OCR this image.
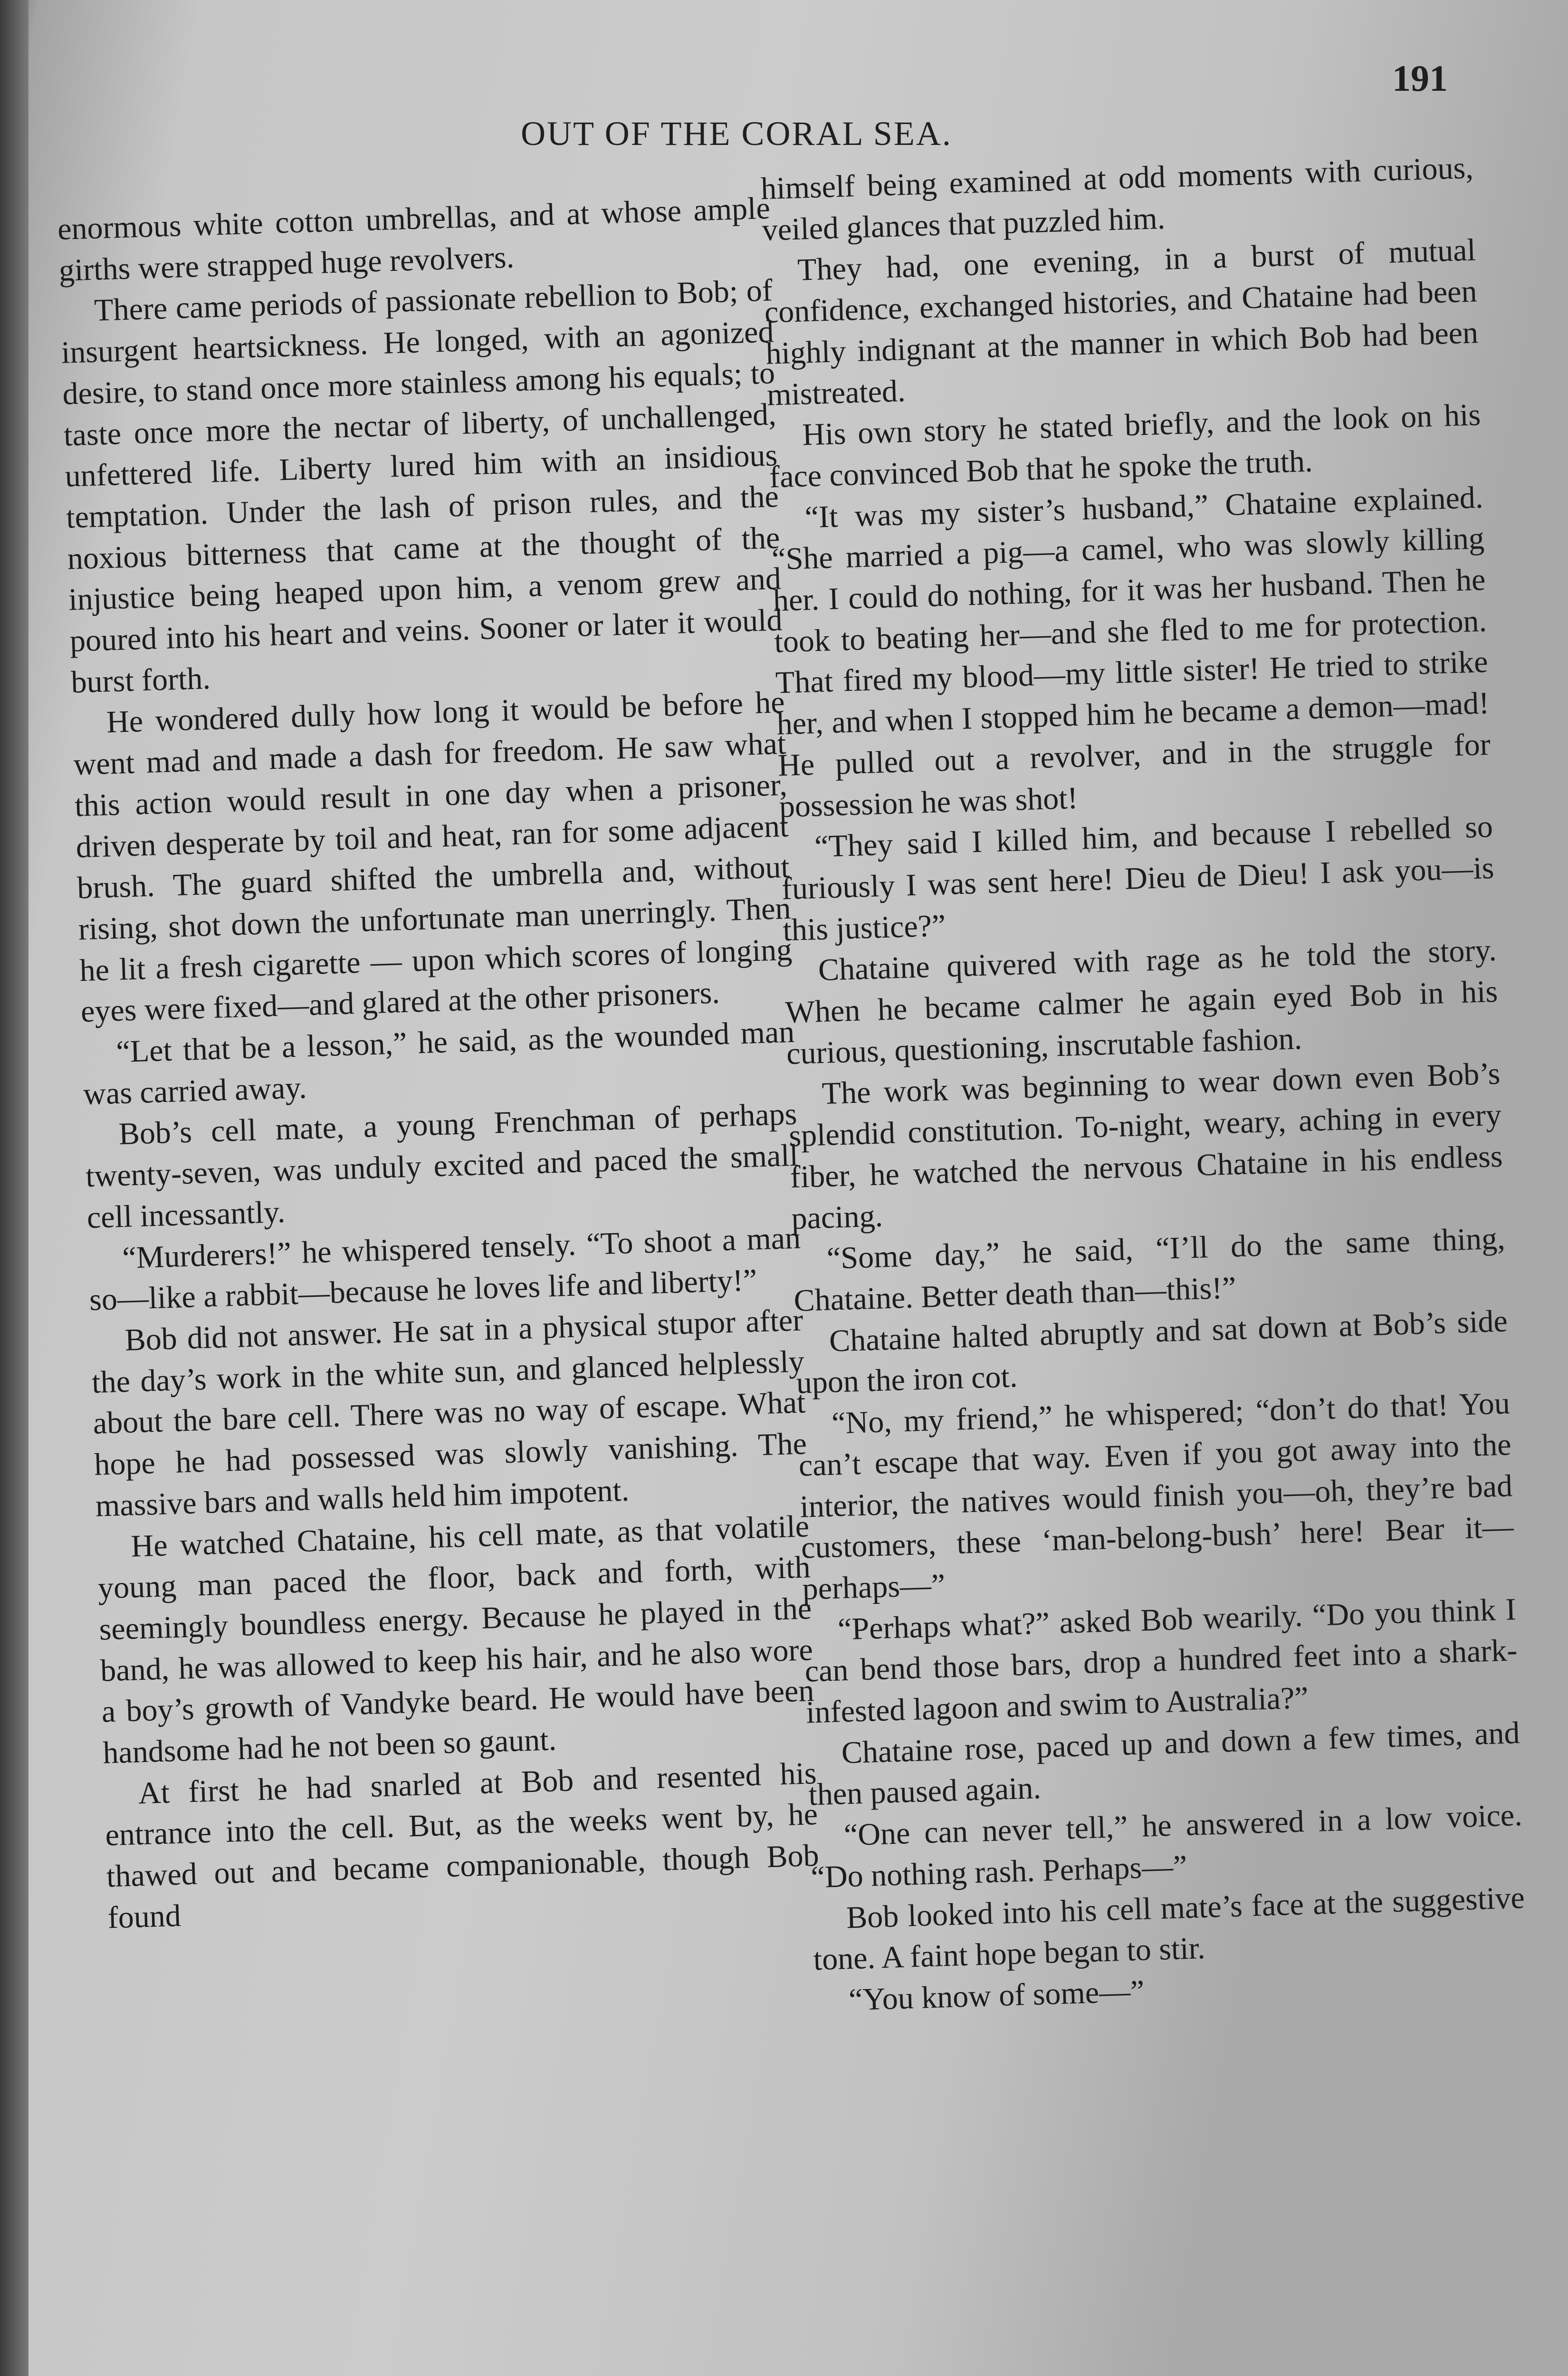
191
OUT OF THE CORAL SEA.

enormous white cotton umbrellas, and at whose ample girths were strapped huge revolvers.

There came periods of passionate rebellion to Bob; of insurgent heartsickness. He longed, with an agonized desire, to stand once more stainless among his equals; to taste once more the nectar of liberty, of unchallenged, unfettered life. Liberty lured him with an insidious temptation. Under the lash of prison rules, and the noxious bitterness that came at the thought of the injustice being heaped upon him, a venom grew and poured into his heart and veins. Sooner or later it would burst forth.

He wondered dully how long it would be before he went mad and made a dash for freedom. He saw what this action would result in one day when a prisoner, driven desperate by toil and heat, ran for some adjacent brush. The guard shifted the umbrella and, without rising, shot down the unfortunate man unerringly. Then he lit a fresh cigarette — upon which scores of longing eyes were fixed—and glared at the other prisoners.

“Let that be a lesson,” he said, as the wounded man was carried away.

Bob’s cell mate, a young Frenchman of perhaps twenty-seven, was unduly excited and paced the small cell incessantly.

“Murderers!” he whispered tensely. “To shoot a man so—like a rabbit—because he loves life and liberty!”

Bob did not answer. He sat in a physical stupor after the day’s work in the white sun, and glanced helplessly about the bare cell. There was no way of escape. What hope he had possessed was slowly vanishing. The massive bars and walls held him impotent.

He watched Chataine, his cell mate, as that volatile young man paced the floor, back and forth, with seemingly boundless energy. Because he played in the band, he was allowed to keep his hair, and he also wore a boy’s growth of Vandyke beard. He would have been handsome had he not been so gaunt.

At first he had snarled at Bob and resented his entrance into the cell. But, as the weeks went by, he thawed out and became companionable, though Bob found

himself being examined at odd moments with curious, veiled glances that puzzled him.

They had, one evening, in a burst of mutual confidence, exchanged histories, and Chataine had been highly indignant at the manner in which Bob had been mistreated.

His own story he stated briefly, and the look on his face convinced Bob that he spoke the truth.

“It was my sister’s husband,” Chataine explained. “She married a pig—a camel, who was slowly killing her. I could do nothing, for it was her husband. Then he took to beating her—and she fled to me for protection. That fired my blood—my little sister! He tried to strike her, and when I stopped him he became a demon—mad! He pulled out a revolver, and in the struggle for possession he was shot!

“They said I killed him, and because I rebelled so furiously I was sent here! Dieu de Dieu! I ask you—is this justice?”

Chataine quivered with rage as he told the story. When he became calmer he again eyed Bob in his curious, questioning, inscrutable fashion.

The work was beginning to wear down even Bob’s splendid constitution. To-night, weary, aching in every fiber, he watched the nervous Chataine in his endless pacing.

“Some day,” he said, “I’ll do the same thing, Chataine. Better death than—this!”

Chataine halted abruptly and sat down at Bob’s side upon the iron cot.

“No, my friend,” he whispered; “don’t do that! You can’t escape that way. Even if you got away into the interior, the natives would finish you—oh, they’re bad customers, these ‘man-belong-bush’ here! Bear it—perhaps—”

“Perhaps what?” asked Bob wearily. “Do you think I can bend those bars, drop a hundred feet into a shark-infested lagoon and swim to Australia?”

Chataine rose, paced up and down a few times, and then paused again.

“One can never tell,” he answered in a low voice. “Do nothing rash. Perhaps—”

Bob looked into his cell mate’s face at the suggestive tone. A faint hope began to stir.

“You know of some—”
